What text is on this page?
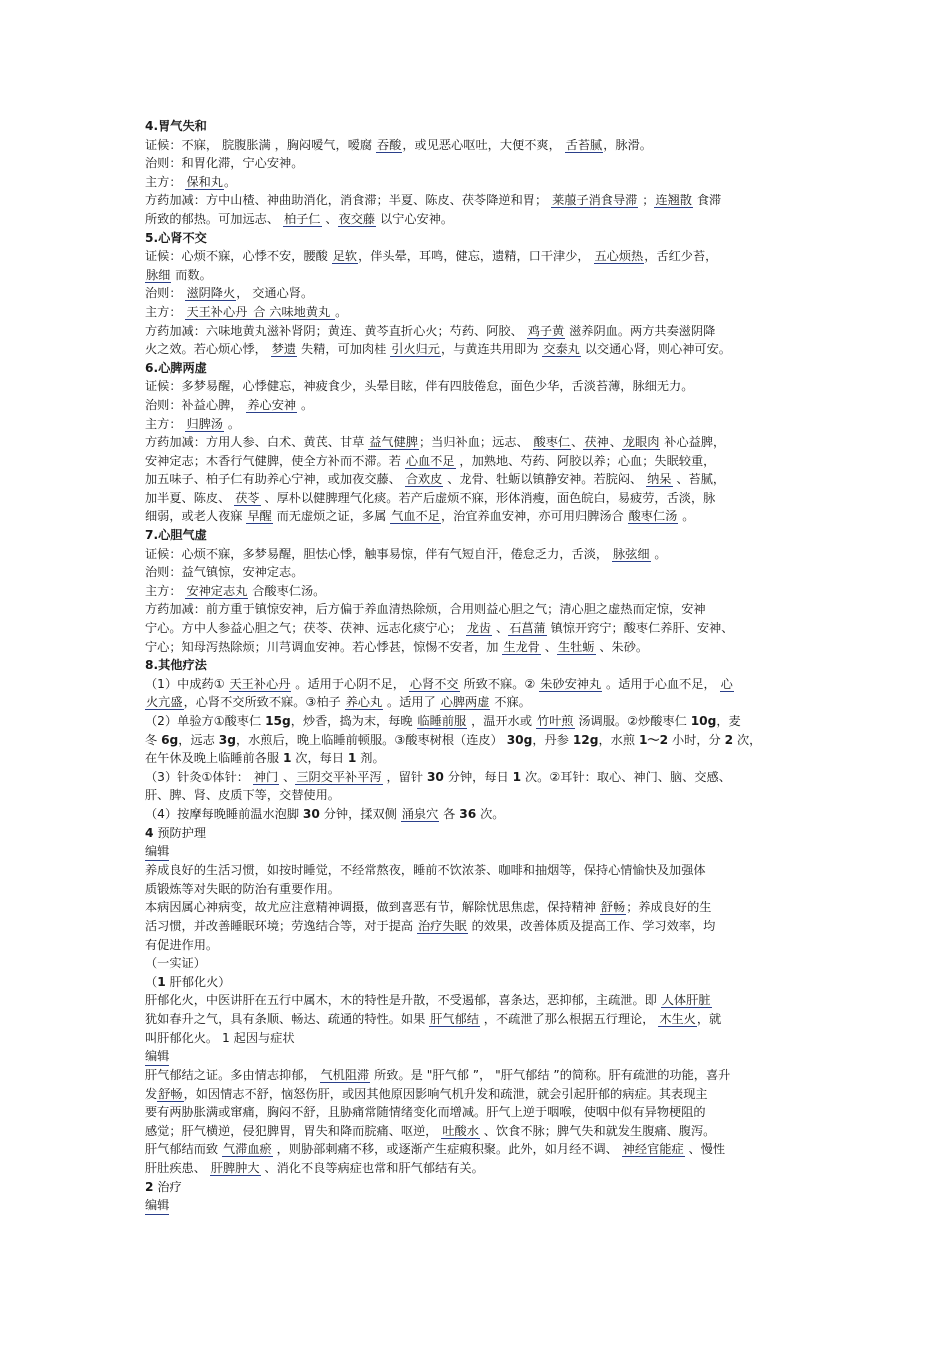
4.胃气失和
证候：不寐， 脘腹胀满 ，胸闷嗳气，嗳腐 吞酸，或见恶心呕吐，大便不爽， 舌苔腻，脉滑。
治则：和胃化滞，宁心安神。
主方： 保和丸。
方药加减：方中山楂、神曲助消化，消食滞；半夏、陈皮、茯苓降逆和胃； 莱菔子消食导滞 ；连翘散 食滞
所致的郁热。可加远志、 柏子仁 、夜交藤 以宁心安神。
5.心肾不交
证候：心烦不寐，心悸不安，腰酸 足软，伴头晕，耳鸣，健忘，遗精，口干津少， 五心烦热，舌红少苔，
脉细 而数。
治则： 滋阴降火， 交通心肾。
主方： 天王补心丹 合 六味地黄丸 。
方药加减：六味地黄丸滋补肾阴；黄连、黄芩直折心火；芍药、阿胶、 鸡子黄 滋养阴血。两方共奏滋阴降
火之效。若心烦心悸， 梦遗 失精，可加肉桂 引火归元，与黄连共用即为 交泰丸 以交通心肾，则心神可安。
6.心脾两虚
证候：多梦易醒，心悸健忘，神疲食少，头晕目眩，伴有四肢倦怠，面色少华，舌淡苔薄，脉细无力。
治则：补益心脾， 养心安神 。
主方： 归脾汤 。
方药加减：方用人参、白术、黄芪、甘草 益气健脾；当归补血；远志、 酸枣仁、茯神、龙眼肉 补心益脾，
安神定志；木香行气健脾，使全方补而不滞。若 心血不足 ，加熟地、芍药、阿胶以养；心血；失眠较重，
加五味子、柏子仁有助养心宁神，或加夜交藤、 合欢皮 、龙骨、牡蛎以镇静安神。若脘闷、 纳呆 、苔腻，
加半夏、陈皮、 茯苓 、厚朴以健脾理气化痰。若产后虚烦不寐，形体消瘦，面色皖白，易疲劳，舌淡，脉
细弱，或老人夜寐 早醒 而无虚烦之证，多属 气血不足，治宜养血安神，亦可用归脾汤合 酸枣仁汤 。
7.心胆气虚
证候：心烦不寐，多梦易醒，胆怯心悸，触事易惊，伴有气短自汗，倦怠乏力，舌淡， 脉弦细 。
治则：益气镇惊，安神定志。
主方： 安神定志丸 合酸枣仁汤。
方药加减：前方重于镇惊安神，后方偏于养血清热除烦，合用则益心胆之气；清心胆之虚热而定惊，安神
宁心。方中人参益心胆之气；茯苓、茯神、远志化痰宁心； 龙齿 、石菖蒲 镇惊开窍宁；酸枣仁养肝、安神、
宁心；知母泻热除烦；川芎调血安神。若心悸甚，惊惕不安者，加 生龙骨 、生牡蛎 、朱砂。
8.其他疗法
（1）中成药① 天王补心丹 。适用于心阴不足， 心肾不交 所致不寐。② 朱砂安神丸 。适用于心血不足， 心
火亢盛，心肾不交所致不寐。③柏子 养心丸 。适用了 心脾两虚 不寐。
（2）单验方①酸枣仁 15g，炒香，捣为末，每晚 临睡前服 ，温开水或 竹叶煎 汤调服。②炒酸枣仁 10g，麦
冬 6g，远志 3g，水煎后，晚上临睡前顿服。③酸枣树根（连皮） 30g，丹参 12g，水煎 1～2 小时，分 2 次，
在午休及晚上临睡前各服 1 次，每日 1 剂。
（3）针灸①体针： 神门 、三阴交平补平泻 ，留针 30 分钟，每日 1 次。②耳针：取心、神门、脑、交感、
肝、脾、肾、皮质下等，交替使用。
（4）按摩每晚睡前温水泡脚 30 分钟，揉双侧 涌泉穴 各 36 次。
4 预防护理
编辑
养成良好的生活习惯，如按时睡觉，不经常熬夜，睡前不饮浓茶、咖啡和抽烟等，保持心情愉快及加强体
质锻炼等对失眠的防治有重要作用。
本病因属心神病变，故尤应注意精神调摄，做到喜恶有节，解除忧思焦虑，保持精神 舒畅；养成良好的生
活习惯，并改善睡眠环境；劳逸结合等，对于提高 治疗失眠 的效果，改善体质及提高工作、学习效率，均
有促进作用。
（一实证）
（1 肝郁化火）
肝郁化火，中医讲肝在五行中属木，木的特性是升散，不受遏郁，喜条达，恶抑郁，主疏泄。即 人体肝脏
犹如春升之气，具有条顺、畅达、疏通的特性。如果 肝气郁结 ，不疏泄了那么根据五行理论， 木生火，就
叫肝郁化火。 1 起因与症状
编辑
肝气郁结之证。多由情志抑郁， 气机阻滞 所致。是 "肝气郁 ”， "肝气郁结 ”的简称。肝有疏泄的功能，喜升
发舒畅，如因情志不舒，恼怒伤肝，或因其他原因影响气机升发和疏泄，就会引起肝郁的病症。其表现主
要有两胁胀满或窜痛，胸闷不舒，且胁痛常随情绪变化而增减。肝气上逆于咽喉，使咽中似有异物梗阻的
感觉；肝气横逆，侵犯脾胃，胃失和降而脘痛、呕逆， 吐酸水 、饮食不脉；脾气失和就发生腹痛、腹泻。
肝气郁结而致 气滞血瘀 ，则胁部刺痛不移，或逐渐产生症瘕积聚。此外，如月经不调、 神经官能症 、慢性
肝肚疾患、 肝脾肿大 、消化不良等病症也常和肝气郁结有关。
2 治疗
编辑
